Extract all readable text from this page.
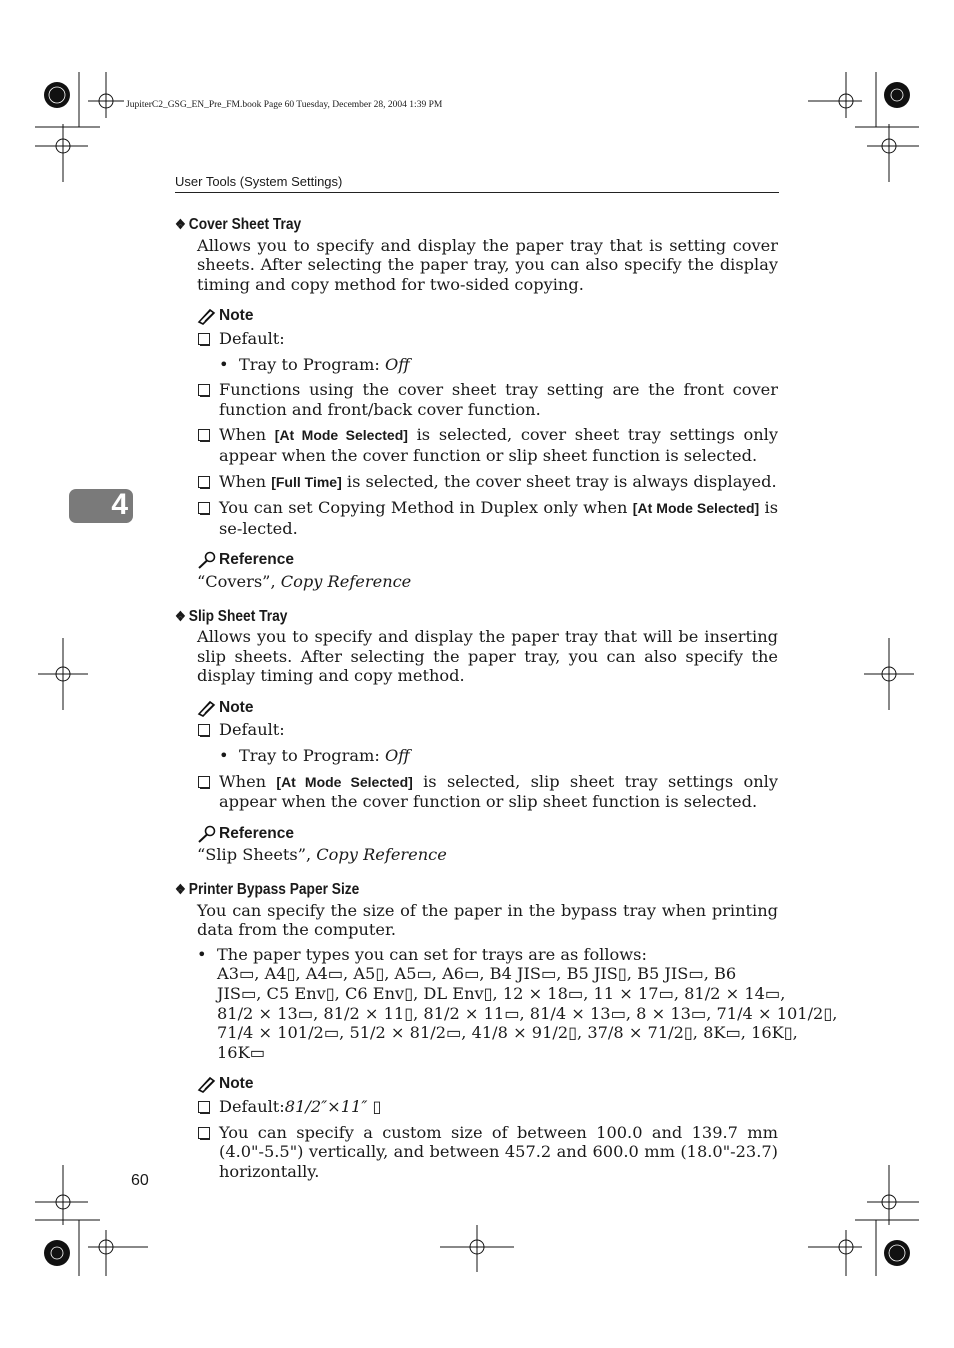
JupiterC2_GSG_EN_Pre_FM.book Page 60 Tuesday, December 28, 2004 1:39 PM
User Tools (System Settings)
4
❖ Cover Sheet Tray
Allows you to specify and display the paper tray that is setting cover sheets. After selecting the paper tray, you can also specify the display timing and copy method for two-sided copying.
Note
Default:
• Tray to Program: Off
Functions using the cover sheet tray setting are the front cover function and front/back cover function.
When [At Mode Selected] is selected, cover sheet tray settings only appear when the cover function or slip sheet function is selected.
When [Full Time] is selected, the cover sheet tray is always displayed.
You can set Copying Method in Duplex only when [At Mode Selected] is se-lected.
Reference
“Covers”, Copy Reference
❖ Slip Sheet Tray
Allows you to specify and display the paper tray that will be inserting slip sheets. After selecting the paper tray, you can also specify the display timing and copy method.
Note
Default:
• Tray to Program: Off
When [At Mode Selected] is selected, slip sheet tray settings only appear when the cover function or slip sheet function is selected.
Reference
“Slip Sheets”, Copy Reference
❖ Printer Bypass Paper Size
You can specify the size of the paper in the bypass tray when printing data from the computer.
• The paper types you can set for trays are as follows:
A3▭, A4▯, A4▭, A5▯, A5▭, A6▭, B4 JIS▭, B5 JIS▯, B5 JIS▭, B6
JIS▭, C5 Env▯, C6 Env▯, DL Env▯, 12 × 18▭, 11 × 17▭, 81/2 × 14▭,
81/2 × 13▭, 81/2 × 11▯, 81/2 × 11▭, 81/4 × 13▭, 8 × 13▭, 71/4 × 101/2▯,
71/4 × 101/2▭, 51/2 × 81/2▭, 41/8 × 91/2▯, 37/8 × 71/2▯, 8K▭, 16K▯,
16K▭
Note
Default:81/2″×11″ ▯
You can specify a custom size of between 100.0 and 139.7 mm (4.0"-5.5") vertically, and between 457.2 and 600.0 mm (18.0"-23.7) horizontally.
60
